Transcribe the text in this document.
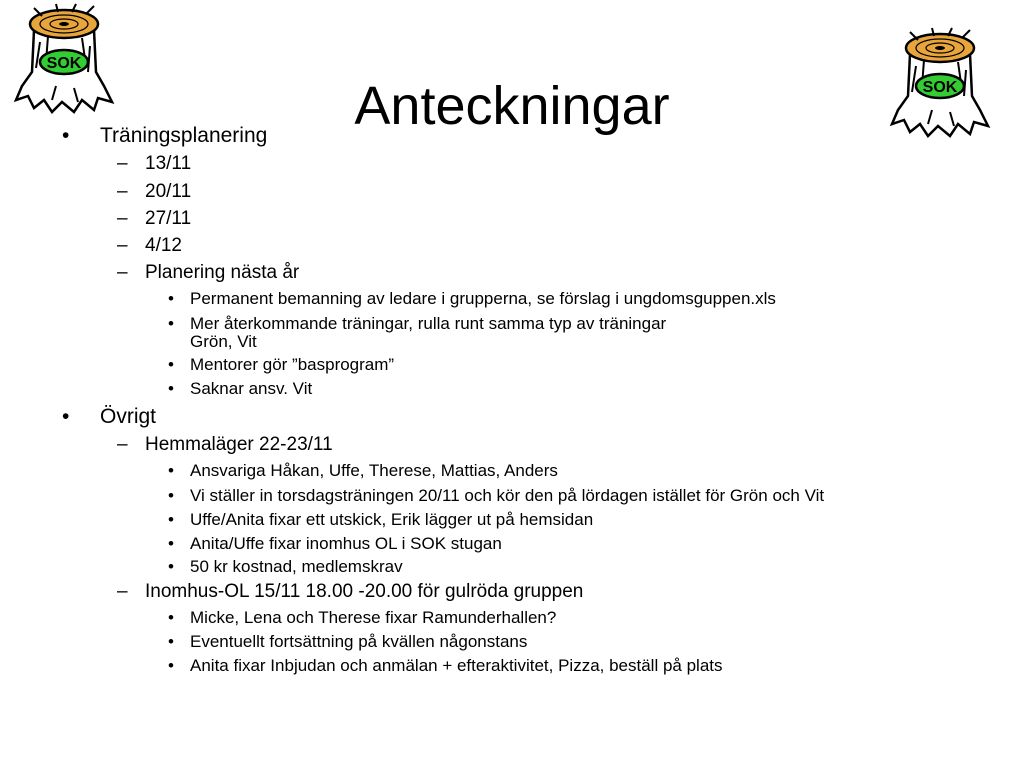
SOK
SOK
Anteckningar
• Träningsplanering
– 13/11
– 20/11
– 27/11
– 4/12
– Planering nästa år
• Permanent bemanning av ledare i grupperna, se förslag i ungdomsguppen.xls
• Mer återkommande träningar, rulla runt samma typ av träningar
Grön, Vit
• Mentorer gör ”basprogram”
• Saknar ansv. Vit
• Övrigt
– Hemmaläger 22-23/11
• Ansvariga Håkan, Uffe, Therese, Mattias, Anders
• Vi ställer in torsdagsträningen 20/11 och kör den på lördagen istället för Grön och Vit
• Uffe/Anita fixar ett utskick, Erik lägger ut på hemsidan
• Anita/Uffe fixar inomhus OL i SOK stugan
• 50 kr kostnad, medlemskrav
– Inomhus-OL 15/11 18.00 -20.00 för gulröda gruppen
• Micke, Lena och Therese fixar Ramunderhallen?
• Eventuellt fortsättning på kvällen någonstans
• Anita fixar Inbjudan och anmälan + efteraktivitet, Pizza, beställ på plats
